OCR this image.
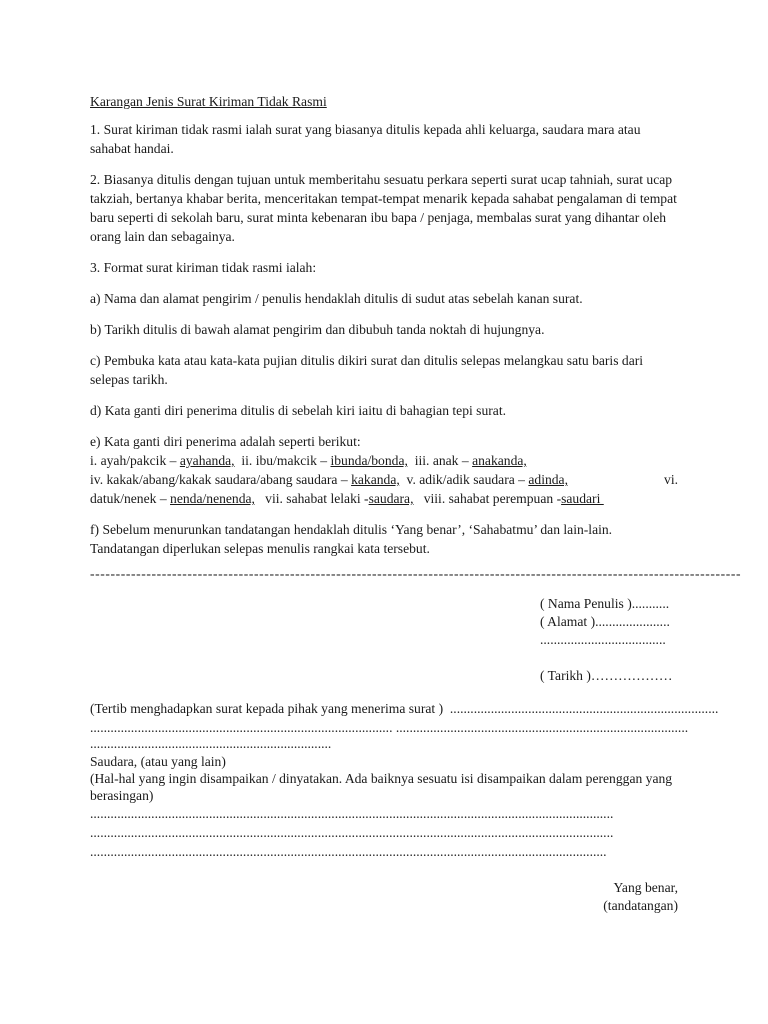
Karangan Jenis Surat Kiriman Tidak Rasmi
1. Surat kiriman tidak rasmi ialah surat yang biasanya ditulis kepada ahli keluarga, saudara mara atau sahabat handai.
2. Biasanya ditulis dengan tujuan untuk memberitahu sesuatu perkara seperti surat ucap tahniah, surat ucap takziah, bertanya khabar berita, menceritakan tempat-tempat menarik kepada sahabat pengalaman di tempat baru seperti di sekolah baru, surat minta kebenaran ibu bapa / penjaga, membalas surat yang dihantar oleh orang lain dan sebagainya.
3. Format surat kiriman tidak rasmi ialah:
a) Nama dan alamat pengirim / penulis hendaklah ditulis di sudut atas sebelah kanan surat.
b) Tarikh ditulis di bawah alamat pengirim dan dibubuh tanda noktah di hujungnya.
c) Pembuka kata atau kata-kata pujian ditulis dikiri surat dan ditulis selepas melangkau satu baris dari selepas tarikh.
d) Kata ganti diri penerima ditulis di sebelah kiri iaitu di bahagian tepi surat.
e) Kata ganti diri penerima adalah seperti berikut:
i. ayah/pakcik – ayahanda,  ii. ibu/makcik – ibunda/bonda,  iii. anak – anakanda,
iv. kakak/abang/kakak saudara/abang saudara – kakanda,  v. adik/adik saudara – adinda,	vi.
datuk/nenek – nenda/nenenda,   vii. sahabat lelaki -saudara,   viii. sahabat perempuan -saudari
f) Sebelum menurunkan tandatangan hendaklah ditulis ‘Yang benar’, ‘Sahabatmu’ dan lain-lain. Tandatangan diperlukan selepas menulis rangkai kata tersebut.
-------------------------------------------------------------------------------------------------------------------------------
( Nama Penulis )...........
( Alamat )......................
.....................................
( Tarikh )………………
(Tertib menghadapkan surat kepada pihak yang menerima surat )  ...............................................................................
......................................................................................... ......................................................................................
.......................................................................
Saudara, (atau yang lain)
(Hal-hal yang ingin disampaikan / dinyatakan. Ada baiknya sesuatu isi disampaikan dalam perenggan yang berasingan)
..........................................................................................................................................................
..........................................................................................................................................................
........................................................................................................................................................
Yang benar,
(tandatangan)
